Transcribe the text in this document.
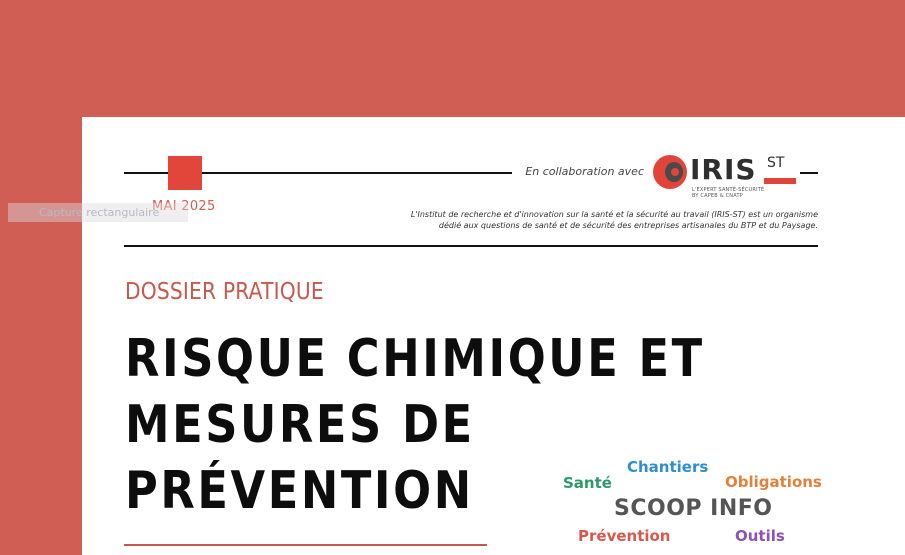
MAI 2025
En collaboration avec IRIS ST
L'EXPERT SANTÉ-SÉCURITÉ
BY CAPEB & CNATP
L'Institut de recherche et d'innovation sur la santé et la sécurité au travail (IRIS-ST) est un organisme
dédié aux questions de santé et de sécurité des entreprises artisanales du BTP et du Paysage.
DOSSIER PRATIQUE
RISQUE CHIMIQUE ET
MESURES DE
PRÉVENTION	Santé
Chantiers
Obligations
SCOOP INFO
Prévention	Outils
Capture rectangulaire
